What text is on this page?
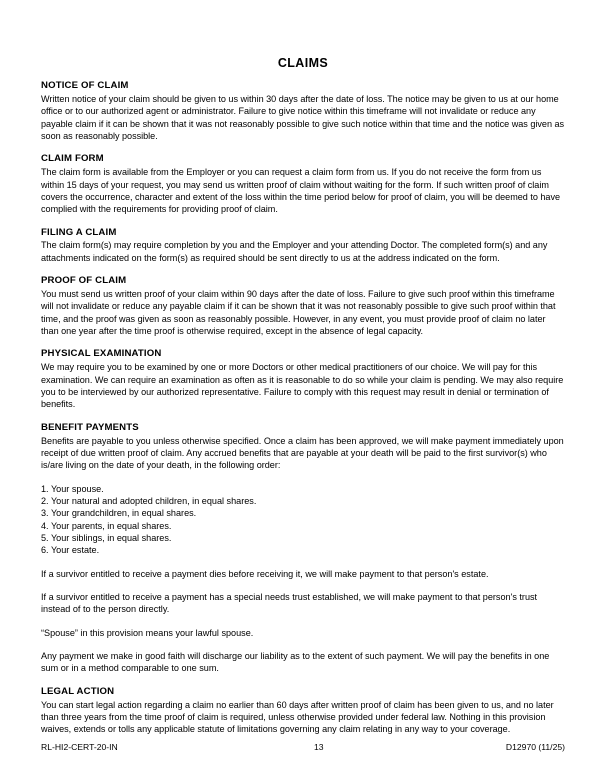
CLAIMS
NOTICE OF CLAIM

Written notice of your claim should be given to us within 30 days after the date of loss. The notice may be given to us at our home office or to our authorized agent or administrator. Failure to give notice within this timeframe will not invalidate or reduce any payable claim if it can be shown that it was not reasonably possible to give such notice within that time and the notice was given as soon as reasonably possible.

CLAIM FORM

The claim form is available from the Employer or you can request a claim form from us. If you do not receive the form from us within 15 days of your request, you may send us written proof of claim without waiting for the form. If such written proof of claim covers the occurrence, character and extent of the loss within the time period below for proof of claim, you will be deemed to have complied with the requirements for providing proof of claim.

FILING A CLAIM

The claim form(s) may require completion by you and the Employer and your attending Doctor. The completed form(s) and any attachments indicated on the form(s) as required should be sent directly to us at the address indicated on the form.

PROOF OF CLAIM

You must send us written proof of your claim within 90 days after the date of loss. Failure to give such proof within this timeframe will not invalidate or reduce any payable claim if it can be shown that it was not reasonably possible to give such proof within that time, and the proof was given as soon as reasonably possible. However, in any event, you must provide proof of claim no later than one year after the time proof is otherwise required, except in the absence of legal capacity.

PHYSICAL EXAMINATION

We may require you to be examined by one or more Doctors or other medical practitioners of our choice. We will pay for this examination. We can require an examination as often as it is reasonable to do so while your claim is pending. We may also require you to be interviewed by our authorized representative. Failure to comply with this request may result in denial or termination of benefits.

BENEFIT PAYMENTS

Benefits are payable to you unless otherwise specified. Once a claim has been approved, we will make payment immediately upon receipt of due written proof of claim. Any accrued benefits that are payable at your death will be paid to the first survivor(s) who is/are living on the date of your death, in the following order:

1. Your spouse.
2. Your natural and adopted children, in equal shares.
3. Your grandchildren, in equal shares.
4. Your parents, in equal shares.
5. Your siblings, in equal shares.
6. Your estate.

If a survivor entitled to receive a payment dies before receiving it, we will make payment to that person's estate.

If a survivor entitled to receive a payment has a special needs trust established, we will make payment to that person's trust instead of to the person directly.

“Spouse” in this provision means your lawful spouse.

Any payment we make in good faith will discharge our liability as to the extent of such payment. We will pay the benefits in one sum or in a method comparable to one sum.

LEGAL ACTION

You can start legal action regarding a claim no earlier than 60 days after written proof of claim has been given to us, and no later than three years from the time proof of claim is required, unless otherwise provided under federal law. Nothing in this provision waives, extends or tolls any applicable statute of limitations governing any claim relating in any way to your coverage.

RL-HI2-CERT-20-IN	13	D12970 (11/25)
